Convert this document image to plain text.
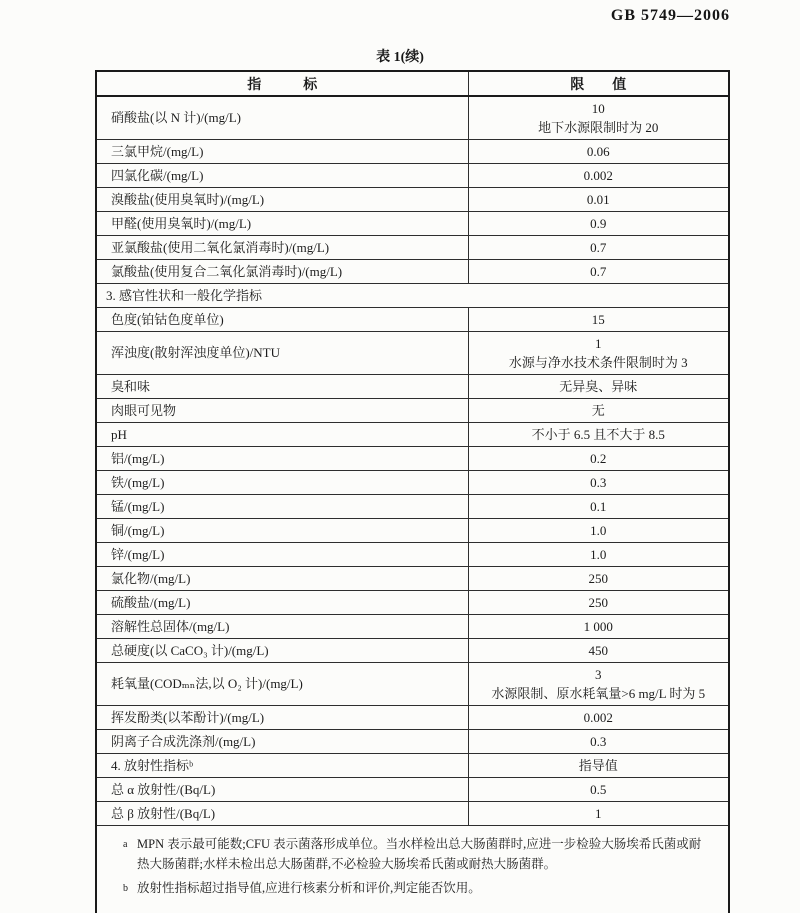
GB 5749—2006
表 1(续)
指　　　标	限　　值
硝酸盐(以 N 计)/(mg/L)	10
地下水源限制时为 20

三氯甲烷/(mg/L)	0.06

四氯化碳/(mg/L)	0.002

溴酸盐(使用臭氧时)/(mg/L)	0.01

甲醛(使用臭氧时)/(mg/L)	0.9

亚氯酸盐(使用二氧化氯消毒时)/(mg/L)	0.7

氯酸盐(使用复合二氧化氯消毒时)/(mg/L)	0.7

3. 感官性状和一般化学指标	
色度(铂钴色度单位)	15

浑浊度(散射浑浊度单位)/NTU	1
水源与净水技术条件限制时为 3

臭和味	无异臭、异味

肉眼可见物	无

pH	不小于 6.5 且不大于 8.5

铝/(mg/L)	0.2

铁/(mg/L)	0.3

锰/(mg/L)	0.1

铜/(mg/L)	1.0

锌/(mg/L)	1.0

氯化物/(mg/L)	250

硫酸盐/(mg/L)	250

溶解性总固体/(mg/L)	1 000

总硬度(以 CaCO₃ 计)/(mg/L)	450

耗氧量(CODₘₙ法,以 O₂ 计)/(mg/L)	3
水源限制、原水耗氧量>6 mg/L 时为 5

挥发酚类(以苯酚计)/(mg/L)	0.002

阴离子合成洗涤剂/(mg/L)	0.3

4. 放射性指标ᵇ	指导值

总 α 放射性/(Bq/L)	0.5

总 β 放射性/(Bq/L)	1

a MPN 表示最可能数;CFU 表示菌落形成单位。当水样检出总大肠菌群时,应进一步检验大肠埃希氏菌或耐热大肠菌群;水样未检出总大肠菌群,不必检验大肠埃希氏菌或耐热大肠菌群。
b 放射性指标超过指导值,应进行核素分析和评价,判定能否饮用。	
